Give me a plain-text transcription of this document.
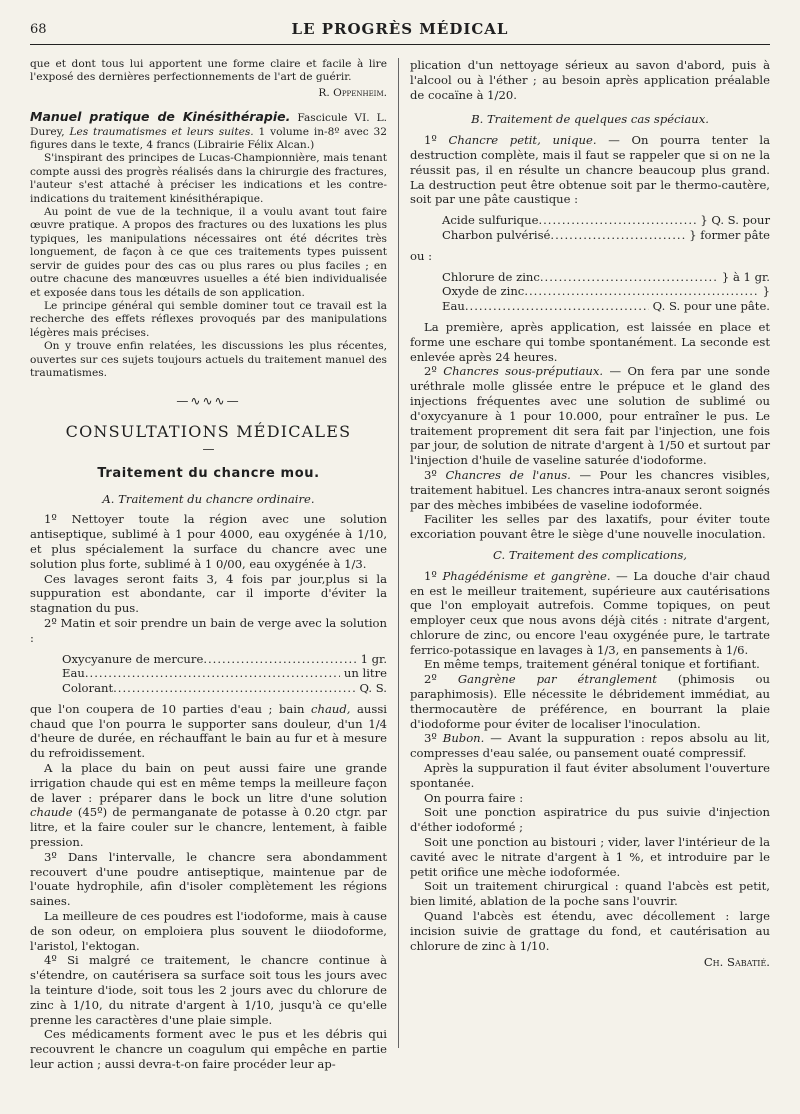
68	LE PROGRÈS MÉDICAL

que et dont tous lui apportent une forme claire et facile à lire l'exposé des dernières perfectionnements de l'art de guérir.

R. Oppenheim.

Manuel pratique de Kinésithérapie. Fascicule VI. L. Durey, Les traumatismes et leurs suites. 1 volume in-8º avec 32 figures dans le texte, 4 francs (Librairie Félix Alcan.)

S'inspirant des principes de Lucas-Championnière, mais tenant compte aussi des progrès réalisés dans la chirurgie des fractures, l'auteur s'est attaché à préciser les indications et les contre-indications du traitement kinésithérapique.

Au point de vue de la technique, il a voulu avant tout faire œuvre pratique. A propos des fractures ou des luxations les plus typiques, les manipulations nécessaires ont été décrites très longuement, de façon à ce que ces traitements types puissent servir de guides pour des cas ou plus rares ou plus faciles ; en outre chacune des manœuvres usuelles a été bien individualisée et exposée dans tous les détails de son application.

Le principe général qui semble dominer tout ce travail est la recherche des effets réflexes provoqués par des manipulations légères mais précises.

On y trouve enfin relatées, les discussions les plus récentes, ouvertes sur ces sujets toujours actuels du traitement manuel des traumatismes.

—∿∿∿—
CONSULTATIONS MÉDICALES
—
Traitement du chancre mou.
A. Traitement du chancre ordinaire.

1º Nettoyer toute la région avec une solution antiseptique, sublimé à 1 pour 4000, eau oxygénée à 1/10, et plus spécialement la surface du chancre avec une solution plus forte, sublimé à 1 0/00, eau oxygénée à 1/3.

Ces lavages seront faits 3, 4 fois par jour,plus si la suppuration est abondante, car il importe d'éviter la stagnation du pus.

2º Matin et soir prendre un bain de verge avec la solution :

Oxycyanure de mercure .....	1 gr.
Eau .....	un litre
Colorant .....	Q. S.

que l'on coupera de 10 parties d'eau ; bain chaud, aussi chaud que l'on pourra le supporter sans douleur, d'un 1/4 d'heure de durée, en réchauffant le bain au fur et à mesure du refroidissement.

A la place du bain on peut aussi faire une grande irrigation chaude qui est en même temps la meilleure façon de laver : préparer dans le bock un litre d'une solution chaude (45º) de permanganate de potasse à 0.20 ctgr. par litre, et la faire couler sur le chancre, lentement, à faible pression.

3º Dans l'intervalle, le chancre sera abondamment recouvert d'une poudre antiseptique, maintenue par de l'ouate hydrophile, afin d'isoler complètement les régions saines.

La meilleure de ces poudres est l'iodoforme, mais à cause de son odeur, on emploiera plus souvent le diiodoforme, l'aristol, l'ektogan.

4º Si malgré ce traitement, le chancre continue à s'étendre, on cautérisera sa surface soit tous les jours avec la teinture d'iode, soit tous les 2 jours avec du chlorure de zinc à 1/10, du nitrate d'argent à 1/10, jusqu'à ce qu'elle prenne les caractères d'une plaie simple.

Ces médicaments forment avec le pus et les débris qui recouvrent le chancre un coagulum qui empêche en partie leur action ; aussi devra-t-on faire procéder leur ap-

plication d'un nettoyage sérieux au savon d'abord, puis à l'alcool ou à l'éther ; au besoin après application préalable de cocaïne à 1/20.

B. Traitement de quelques cas spéciaux.

1º Chancre petit, unique. — On pourra tenter la destruction complète, mais il faut se rappeler que si on ne la réussit pas, il en résulte un chancre beaucoup plus grand. La destruction peut être obtenue soit par le thermo-cautère, soit par une pâte caustique :

Acide sulfurique .....	} Q. S. pour
Charbon pulvérisé .....	} former pâte
ou :
Chlorure de zinc .....	} à 1 gr.
Oxyde de zinc .....	}
Eau .....	Q. S. pour une pâte.

La première, après application, est laissée en place et forme une eschare qui tombe spontanément. La seconde est enlevée après 24 heures.

2º Chancres sous-préputiaux. — On fera par une sonde uréthrale molle glissée entre le prépuce et le gland des injections fréquentes avec une solution de sublimé ou d'oxycyanure à 1 pour 10.000, pour entraîner le pus. Le traitement proprement dit sera fait par l'injection, une fois par jour, de solution de nitrate d'argent à 1/50 et surtout par l'injection d'huile de vaseline saturée d'iodoforme.

3º Chancres de l'anus. — Pour les chancres visibles, traitement habituel. Les chancres intra-anaux seront soignés par des mèches imbibées de vaseline iodoformée.

Faciliter les selles par des laxatifs, pour éviter toute excoriation pouvant être le siège d'une nouvelle inoculation.

C. Traitement des complications,

1º Phagédénisme et gangrène. — La douche d'air chaud en est le meilleur traitement, supérieure aux cautérisations que l'on employait autrefois. Comme topiques, on peut employer ceux que nous avons déjà cités : nitrate d'argent, chlorure de zinc, ou encore l'eau oxygénée pure, le tartrate ferrico-potassique en lavages à 1/3, en pansements à 1/6.

En même temps, traitement général tonique et fortifiant.

2º Gangrène par étranglement (phimosis ou paraphimosis). Elle nécessite le débridement immédiat, au thermocautère de préférence, en bourrant la plaie d'iodoforme pour éviter de localiser l'inoculation.

3º Bubon. — Avant la suppuration : repos absolu au lit, compresses d'eau salée, ou pansement ouaté compressif.

Après la suppuration il faut éviter absolument l'ouverture spontanée.

On pourra faire :

Soit une ponction aspiratrice du pus suivie d'injection d'éther iodoformé ;

Soit une ponction au bistouri ; vider, laver l'intérieur de la cavité avec le nitrate d'argent à 1 %, et introduire par le petit orifice une mèche iodoformée.

Soit un traitement chirurgical : quand l'abcès est petit, bien limité, ablation de la poche sans l'ouvrir.

Quand l'abcès est étendu, avec décollement : large incision suivie de grattage du fond, et cautérisation au chlorure de zinc à 1/10.

Ch. Sabatié.
